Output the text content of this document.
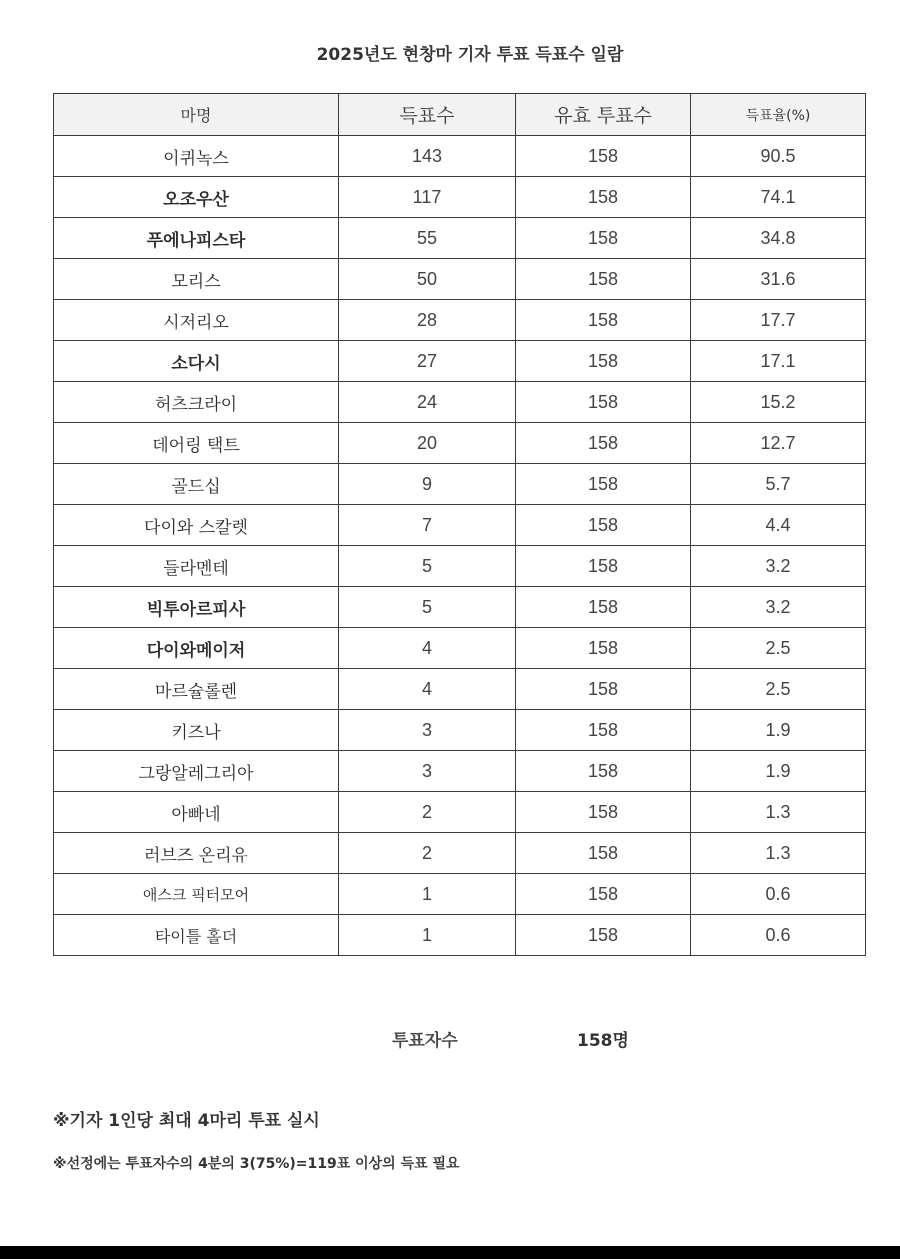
2025년도 현창마 기자 투표 득표수 일람
마명	득표수	유효 투표수	득표율(%)
이퀴녹스	143	158	90.5
오조우산	117	158	74.1
푸에나피스타	55	158	34.8
모리스	50	158	31.6
시저리오	28	158	17.7
소다시	27	158	17.1
허츠크라이	24	158	15.2
데어링 택트	20	158	12.7
골드십	9	158	5.7
다이와 스칼렛	7	158	4.4
들라멘테	5	158	3.2
빅투아르피사	5	158	3.2
다이와메이저	4	158	2.5
마르슐롤렌	4	158	2.5
키즈나	3	158	1.9
그랑알레그리아	3	158	1.9
아빠네	2	158	1.3
러브즈 온리유	2	158	1.3
애스크 픽터모어	1	158	0.6
타이틀 홀더	1	158	0.6
투표자수	158명
※기자 1인당 최대 4마리 투표 실시
※선정에는 투표자수의 4분의 3(75%)=119표 이상의 득표 필요
